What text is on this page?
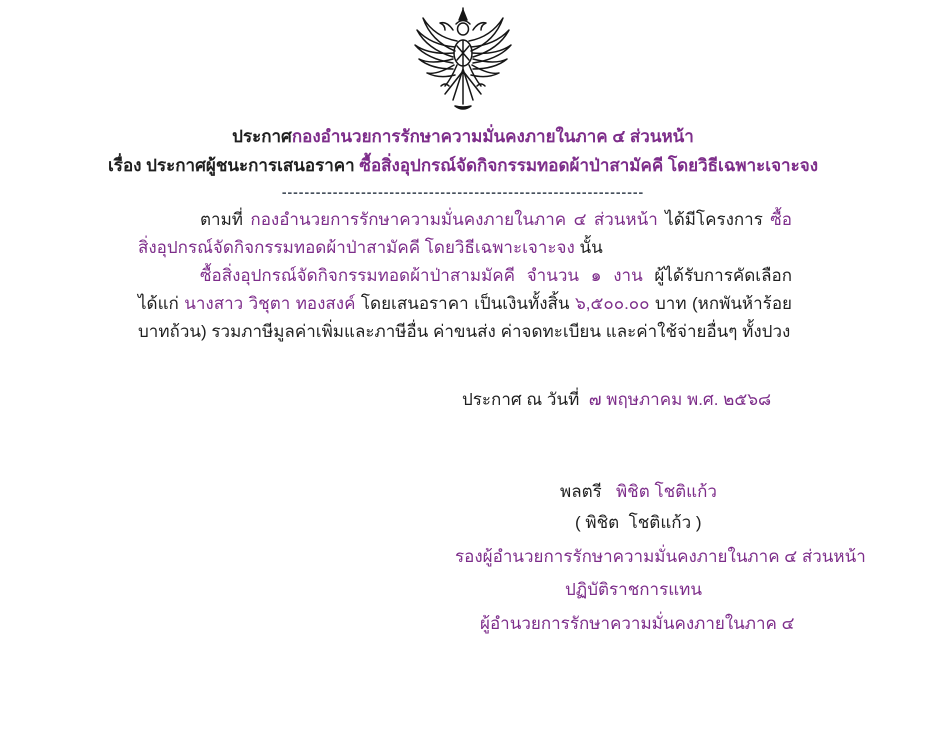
ประกาศกองอำนวยการรักษาความมั่นคงภายในภาค ๔ ส่วนหน้า
เรื่อง ประกาศผู้ชนะการเสนอราคา ซื้อสิ่งอุปกรณ์จัดกิจกรรมทอดผ้าป่าสามัคคี โดยวิธีเฉพาะเจาะจง
----------------------------------------------------------------

ตามที่ กองอำนวยการรักษาความมั่นคงภายในภาค ๔ ส่วนหน้า ได้มีโครงการ ซื้อสิ่งอุปกรณ์จัดกิจกรรมทอดผ้าป่าสามัคคี โดยวิธีเฉพาะเจาะจง นั้น

ซื้อสิ่งอุปกรณ์จัดกิจกรรมทอดผ้าป่าสามมัคคี จำนวน ๑ งาน ผู้ได้รับการคัดเลือก ได้แก่ นางสาว วิชุตา ทองสงค์ โดยเสนอราคา เป็นเงินทั้งสิ้น ๖,๕๐๐.๐๐ บาท (หกพันห้าร้อยบาทถ้วน) รวมภาษีมูลค่าเพิ่มและภาษีอื่น ค่าขนส่ง ค่าจดทะเบียน และค่าใช้จ่ายอื่นๆ ทั้งปวง

ประกาศ ณ วันที่  ๗ พฤษภาคม พ.ศ. ๒๕๖๘
พลตรี   พิชิต โชติแก้ว
( พิชิต  โชติแก้ว )
รองผู้อำนวยการรักษาความมั่นคงภายในภาค ๔ ส่วนหน้า
ปฏิบัติราชการแทน
ผู้อำนวยการรักษาความมั่นคงภายในภาค ๔
